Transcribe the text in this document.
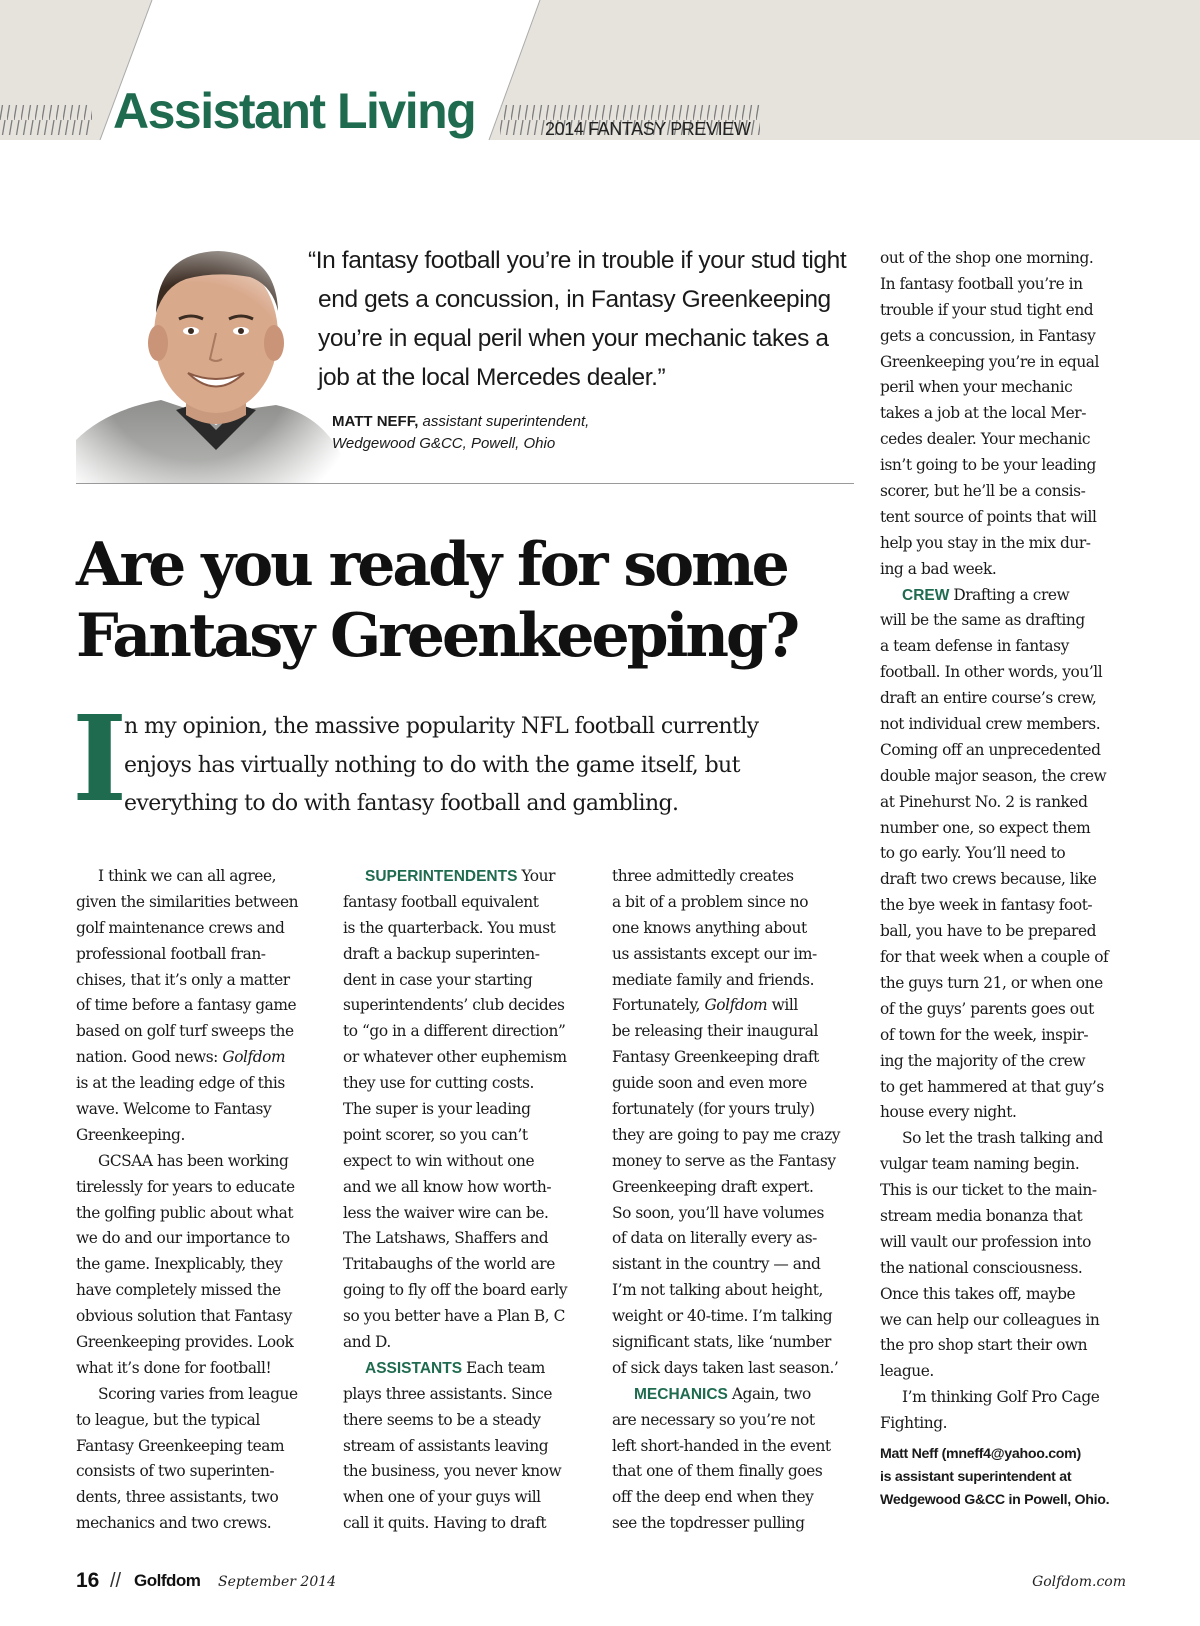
Assistant Living	2014 FANTASY PREVIEW
“In fantasy football you’re in trouble if your stud tight
end gets a concussion, in Fantasy Greenkeeping
you’re in equal peril when your mechanic takes a
job at the local Mercedes dealer.”
MATT NEFF, assistant superintendent,
Wedgewood G&CC, Powell, Ohio
Are you ready for some
Fantasy Greenkeeping?
I
n my opinion, the massive popularity NFL football currently
enjoys has virtually nothing to do with the game itself, but
everything to do with fantasy football and gambling.
I think we can all agree,
given the similarities between
golf maintenance crews and
professional football fran-
chises, that it’s only a matter
of time before a fantasy game
based on golf turf sweeps the
nation. Good news: Golfdom
is at the leading edge of this
wave. Welcome to Fantasy
Greenkeeping.
GCSAA has been working
tirelessly for years to educate
the golfing public about what
we do and our importance to
the game. Inexplicably, they
have completely missed the
obvious solution that Fantasy
Greenkeeping provides. Look
what it’s done for football!
Scoring varies from league
to league, but the typical
Fantasy Greenkeeping team
consists of two superinten-
dents, three assistants, two
mechanics and two crews.
SUPERINTENDENTS Your
fantasy football equivalent
is the quarterback. You must
draft a backup superinten-
dent in case your starting
superintendents’ club decides
to “go in a different direction”
or whatever other euphemism
they use for cutting costs.
The super is your leading
point scorer, so you can’t
expect to win without one
and we all know how worth-
less the waiver wire can be.
The Latshaws, Shaffers and
Tritabaughs of the world are
going to fly off the board early
so you better have a Plan B, C
and D.
ASSISTANTS Each team
plays three assistants. Since
there seems to be a steady
stream of assistants leaving
the business, you never know
when one of your guys will
call it quits. Having to draft
three admittedly creates
a bit of a problem since no
one knows anything about
us assistants except our im-
mediate family and friends.
Fortunately, Golfdom will
be releasing their inaugural
Fantasy Greenkeeping draft
guide soon and even more
fortunately (for yours truly)
they are going to pay me crazy
money to serve as the Fantasy
Greenkeeping draft expert.
So soon, you’ll have volumes
of data on literally every as-
sistant in the country — and
I’m not talking about height,
weight or 40-time. I’m talking
significant stats, like ‘number
of sick days taken last season.’
MECHANICS Again, two
are necessary so you’re not
left short-handed in the event
that one of them finally goes
off the deep end when they
see the topdresser pulling
out of the shop one morning.
In fantasy football you’re in
trouble if your stud tight end
gets a concussion, in Fantasy
Greenkeeping you’re in equal
peril when your mechanic
takes a job at the local Mer-
cedes dealer. Your mechanic
isn’t going to be your leading
scorer, but he’ll be a consis-
tent source of points that will
help you stay in the mix dur-
ing a bad week.
CREW Drafting a crew
will be the same as drafting
a team defense in fantasy
football. In other words, you’ll
draft an entire course’s crew,
not individual crew members.
Coming off an unprecedented
double major season, the crew
at Pinehurst No. 2 is ranked
number one, so expect them
to go early. You’ll need to
draft two crews because, like
the bye week in fantasy foot-
ball, you have to be prepared
for that week when a couple of
the guys turn 21, or when one
of the guys’ parents goes out
of town for the week, inspir-
ing the majority of the crew
to get hammered at that guy’s
house every night.
So let the trash talking and
vulgar team naming begin.
This is our ticket to the main-
stream media bonanza that
will vault our profession into
the national consciousness.
Once this takes off, maybe
we can help our colleagues in
the pro shop start their own
league.
I’m thinking Golf Pro Cage
Fighting.
Matt Neff (mneff4@yahoo.com)
is assistant superintendent at
Wedgewood G&CC in Powell, Ohio.
16 // Golfdom September 2014	Golfdom.com
